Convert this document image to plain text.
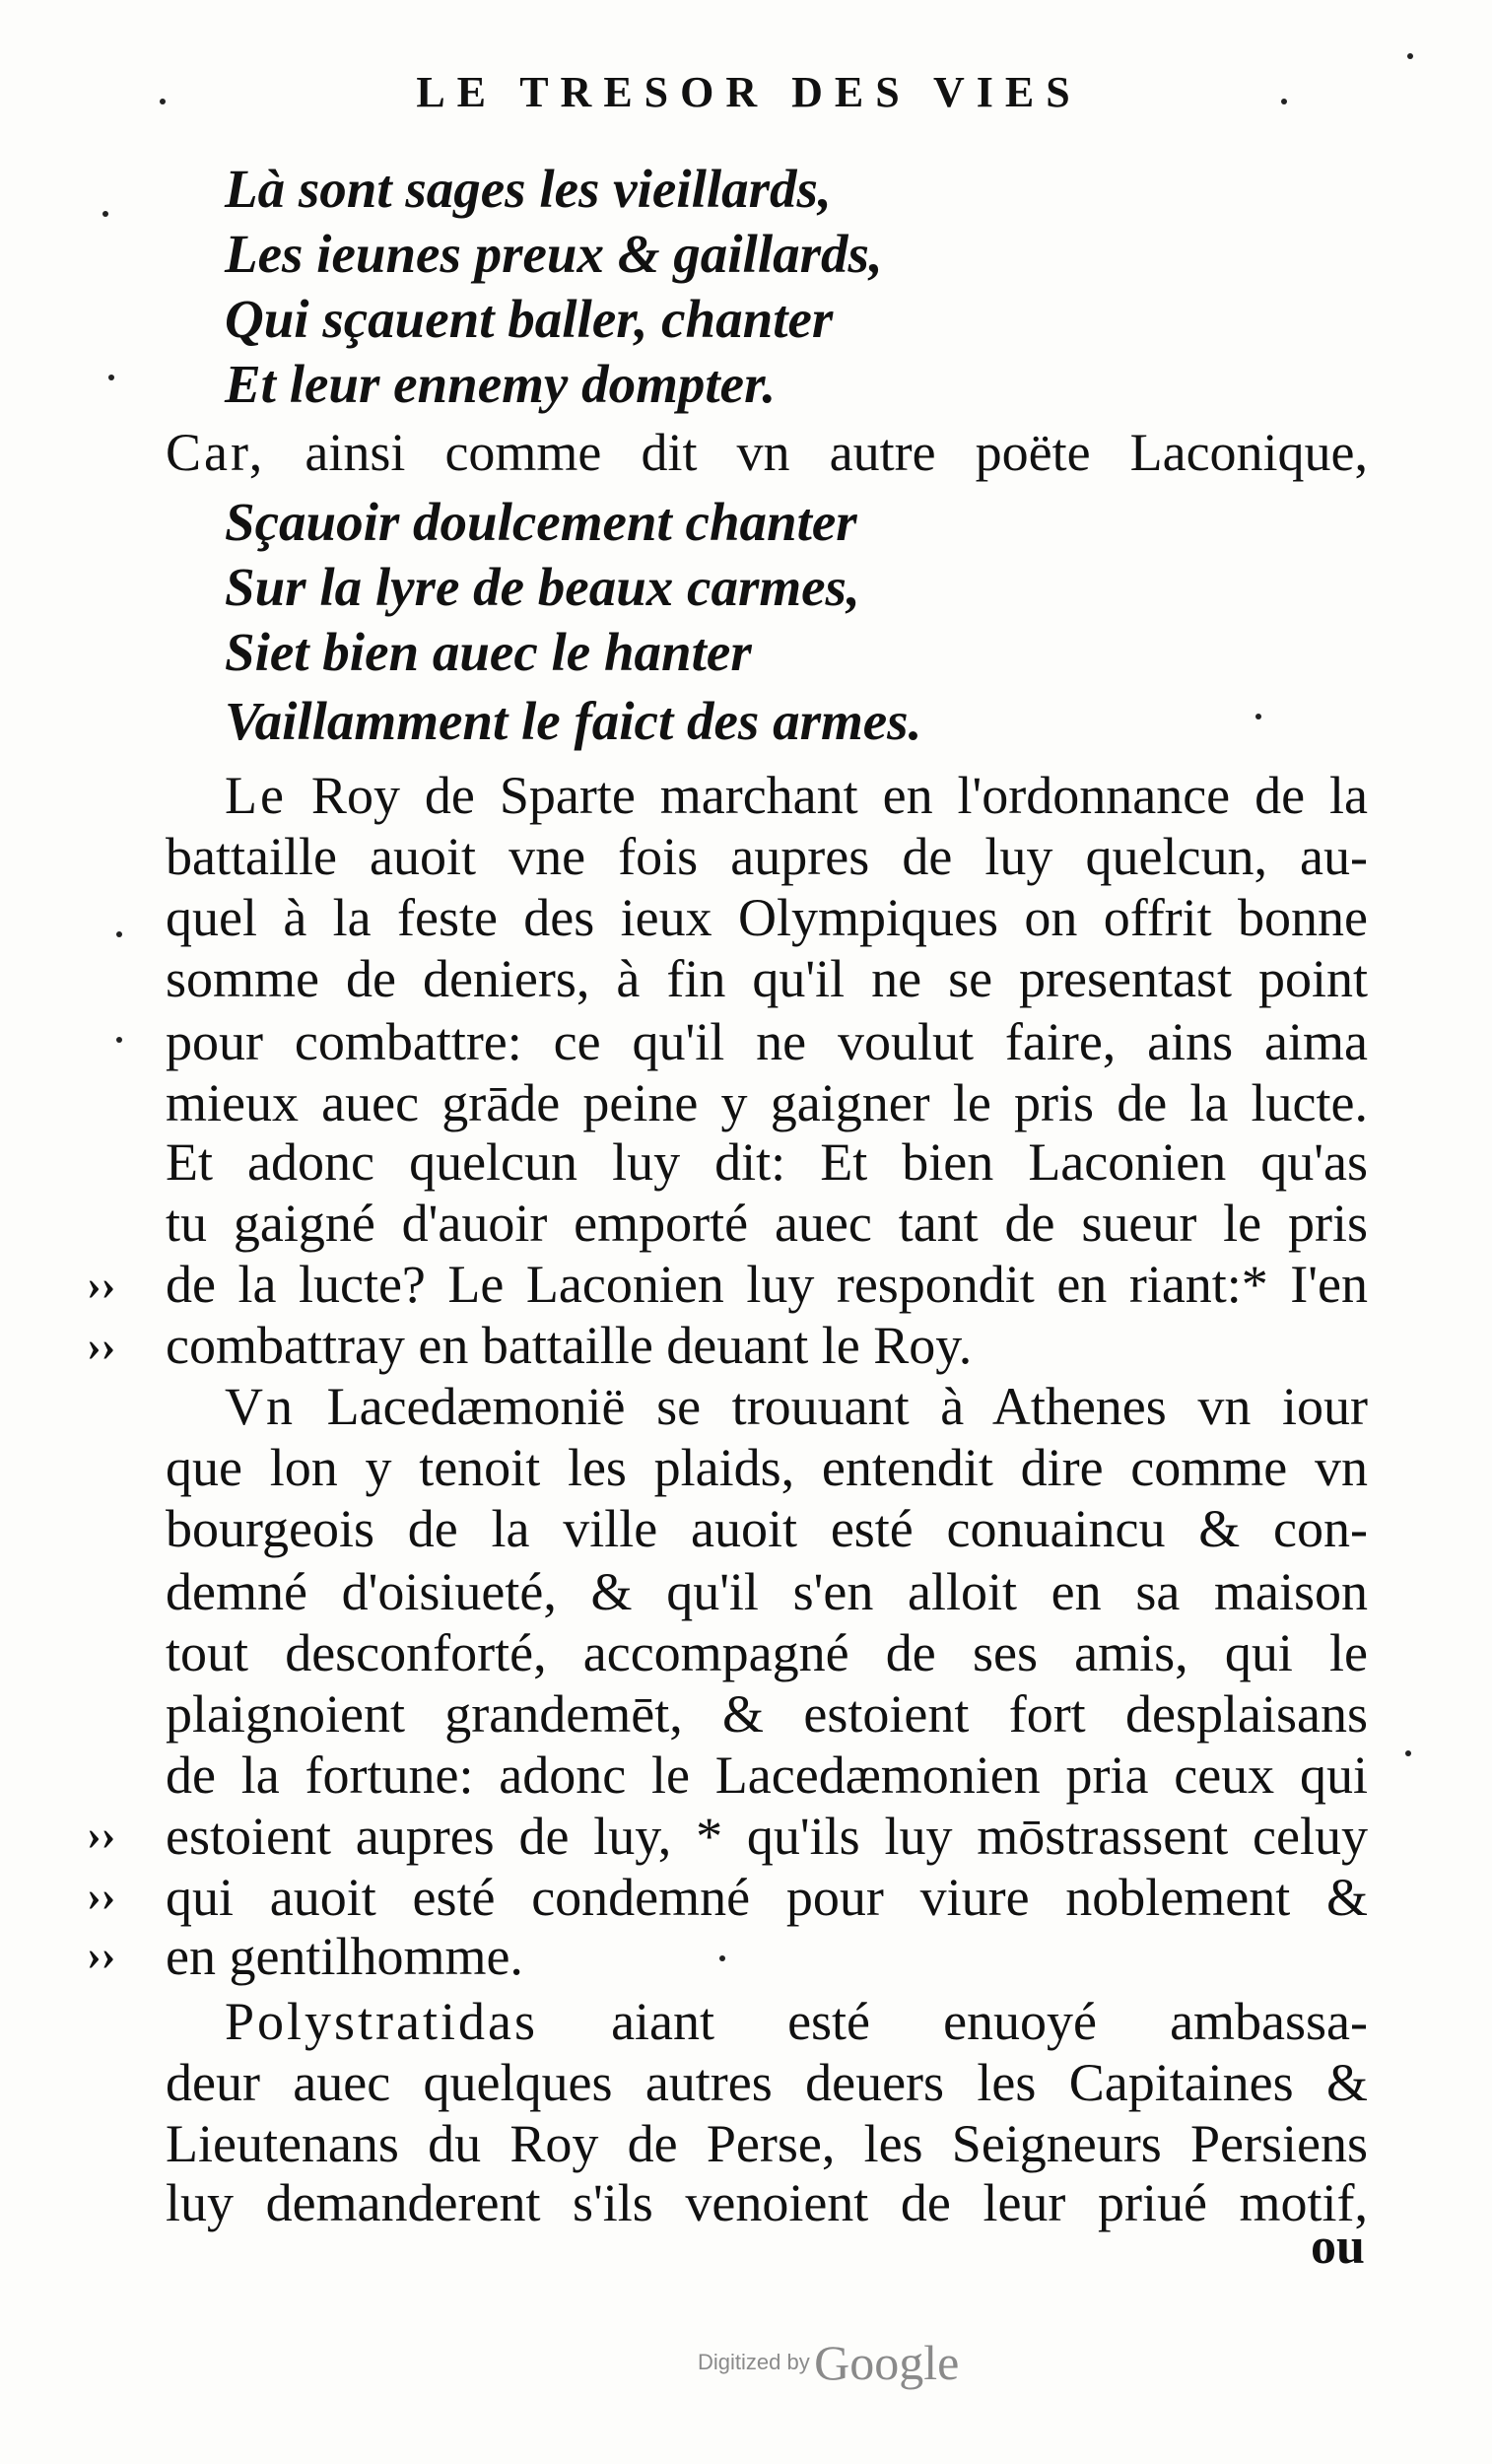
LE TRESOR DES VIES
Là sont sages les vieillards,
Les ieunes preux & gaillards,
Qui sçauent baller, chanter
Et leur ennemy dompter.
Car, ainsi comme dit vn autre poëte Laconique,
Sçauoir doulcement chanter
Sur la lyre de beaux carmes,
Siet bien auec le hanter
Vaillamment le faict des armes.
Le Roy de Sparte marchant en l'ordonnance de la
battaille auoit vne fois aupres de luy quelcun, au-
quel à la feste des ieux Olympiques on offrit bonne
somme de deniers, à fin qu'il ne se presentast point
pour combattre: ce qu'il ne voulut faire, ains aima
mieux auec grāde peine y gaigner le pris de la lucte.
Et adonc quelcun luy dit: Et bien Laconien qu'as
tu gaigné d'auoir emporté auec tant de sueur le pris
de la lucte? Le Laconien luy respondit en riant:* I'en
combattray en battaille deuant le Roy.
Vn Lacedæmonië se trouuant à Athenes vn iour
que lon y tenoit les plaids, entendit dire comme vn
bourgeois de la ville auoit esté conuaincu & con-
demné d'oisiueté, & qu'il s'en alloit en sa maison
tout desconforté, accompagné de ses amis, qui le
plaignoient grandemēt, & estoient fort desplaisans
de la fortune: adonc le Lacedæmonien pria ceux qui
estoient aupres de luy, * qu'ils luy mōstrassent celuy
qui auoit esté condemné pour viure noblement &
en gentilhomme.
Polystratidas aiant esté enuoyé ambassa-
deur auec quelques autres deuers les Capitaines &
Lieutenans du Roy de Perse, les Seigneurs Persiens
luy demanderent s'ils venoient de leur priué motif,
››
››
››
››
››
ou
Digitized by Google
